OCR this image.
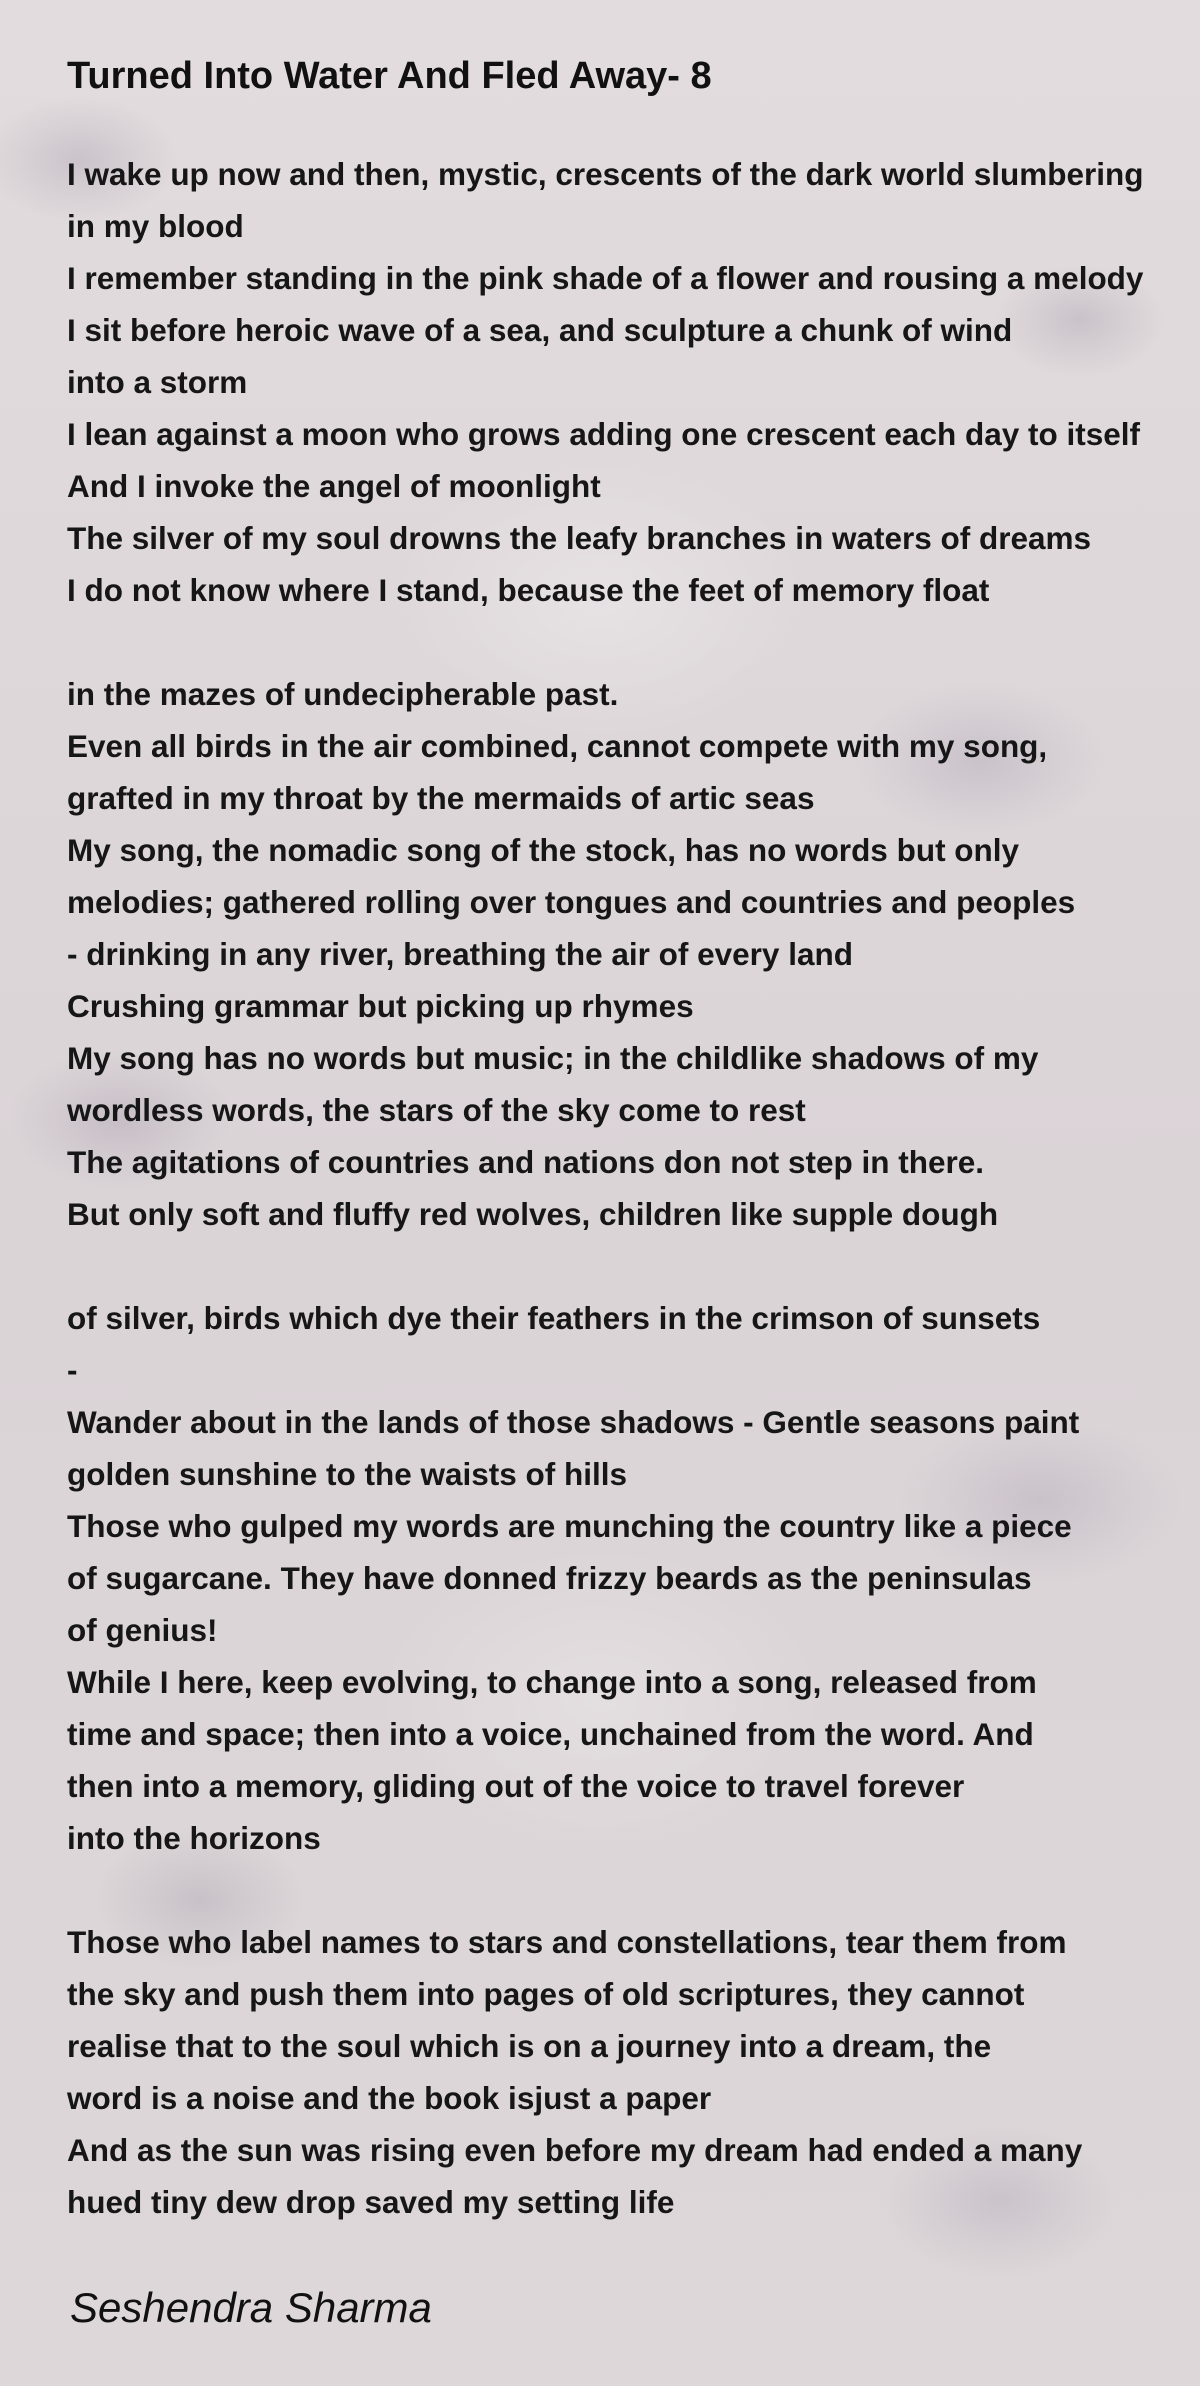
Turned Into Water And Fled Away- 8
I wake up now and then, mystic, crescents of the dark world slumbering
in my blood
I remember standing in the pink shade of a flower and rousing a melody
I sit before heroic wave of a sea, and sculpture a chunk of wind
into a storm
I lean against a moon who grows adding one crescent each day to itself
And I invoke the angel of moonlight
The silver of my soul drowns the leafy branches in waters of dreams
I do not know where I stand, because the feet of memory float
in the mazes of undecipherable past.
Even all birds in the air combined, cannot compete with my song,
grafted in my throat by the mermaids of artic seas
My song, the nomadic song of the stock, has no words but only
melodies; gathered rolling over tongues and countries and peoples
- drinking in any river, breathing the air of every land
Crushing grammar but picking up rhymes
My song has no words but music; in the childlike shadows of my
wordless words, the stars of the sky come to rest
The agitations of countries and nations don not step in there.
But only soft and fluffy red wolves, children like supple dough
of silver, birds which dye their feathers in the crimson of sunsets
-
Wander about in the lands of those shadows - Gentle seasons paint
golden sunshine to the waists of hills
Those who gulped my words are munching the country like a piece
of sugarcane. They have donned frizzy beards as the peninsulas
of genius!
While I here, keep evolving, to change into a song, released from
time and space; then into a voice, unchained from the word. And
then into a memory, gliding out of the voice to travel forever
into the horizons
Those who label names to stars and constellations, tear them from
the sky and push them into pages of old scriptures, they cannot
realise that to the soul which is on a journey into a dream, the
word is a noise and the book isjust a paper
And as the sun was rising even before my dream had ended a many
hued tiny dew drop saved my setting life

Seshendra Sharma
